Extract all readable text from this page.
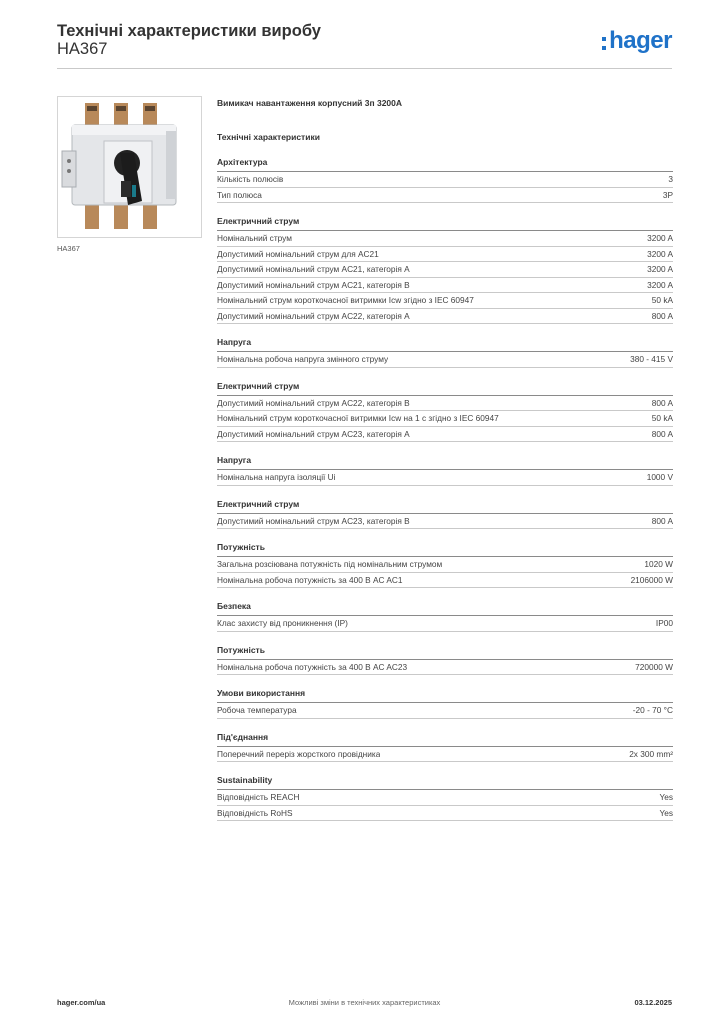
Технічні характеристики виробу
HA367	hager
HA367
Вимикач навантаження корпусний 3п 3200А
Технічні характеристики
Архітектура
Кількість полюсів	3
Тип полюса	3P
Електричний струм
Номінальний струм	3200 A
Допустимий номінальний струм для AC21	3200 A
Допустимий номінальний струм AC21, категорія A	3200 A
Допустимий номінальний струм AC21, категорія B	3200 A
Номінальний струм короткочасної витримки Icw згідно з IEC 60947	50 kA
Допустимий номінальний струм AC22, категорія A	800 A
Напруга
Номінальна робоча напруга змінного струму	380 - 415 V
Електричний струм
Допустимий номінальний струм AC22, категорія B	800 A
Номінальний струм короткочасної витримки Icw на 1 с згідно з IEC 60947	50 kA
Допустимий номінальний струм AC23, категорія A	800 A
Напруга
Номінальна напруга ізоляції Ui	1000 V
Електричний струм
Допустимий номінальний струм AC23, категорія B	800 A
Потужність
Загальна розсіювана потужність під номінальним струмом	1020 W
Номінальна робоча потужність за 400 В AC AC1	2106000 W
Безпека
Клас захисту від проникнення (IP)	IP00
Потужність
Номінальна робоча потужність за 400 В AC AC23	720000 W
Умови використання
Робоча температура	-20 - 70 °C
Під'єднання
Поперечний переріз жорсткого провідника	2x 300 mm²
Sustainability
Відповідність REACH	Yes
Відповідність RoHS	Yes
hager.com/ua	Можливі зміни в технічних характеристиках	03.12.2025
